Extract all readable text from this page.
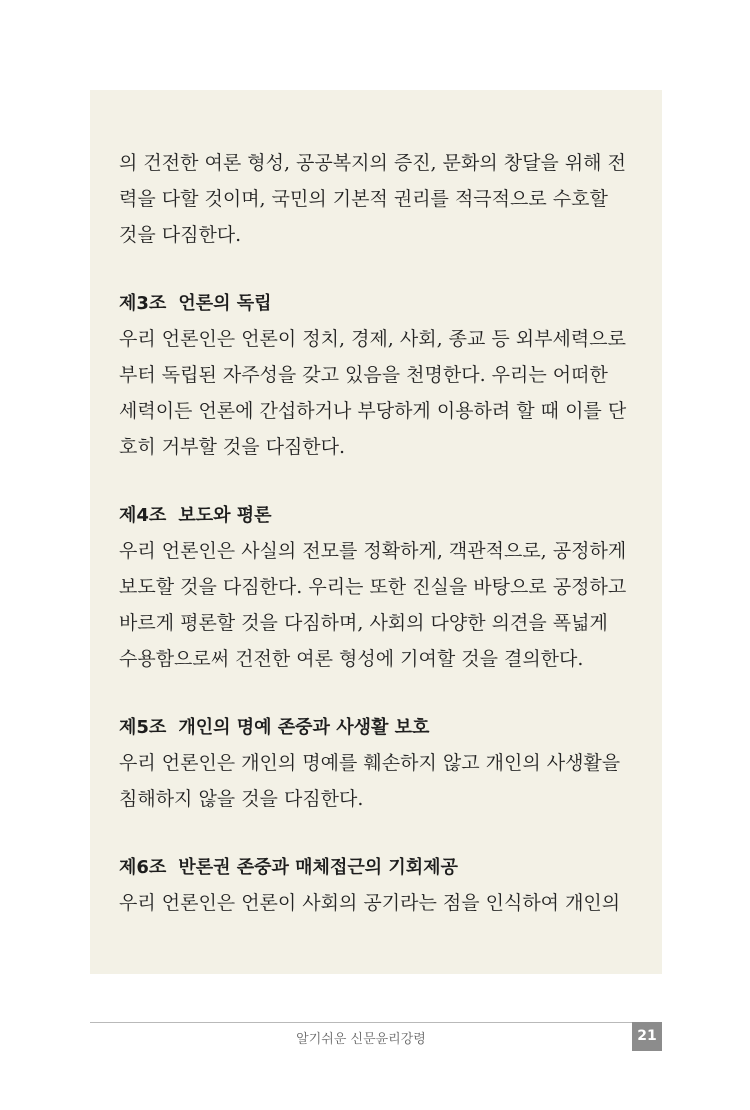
의 건전한 여론 형성, 공공복지의 증진, 문화의 창달을 위해 전
력을 다할 것이며, 국민의 기본적 권리를 적극적으로 수호할
것을 다짐한다.
제3조 언론의 독립
우리 언론인은 언론이 정치, 경제, 사회, 종교 등 외부세력으로
부터 독립된 자주성을 갖고 있음을 천명한다. 우리는 어떠한
세력이든 언론에 간섭하거나 부당하게 이용하려 할 때 이를 단
호히 거부할 것을 다짐한다.
제4조 보도와 평론
우리 언론인은 사실의 전모를 정확하게, 객관적으로, 공정하게
보도할 것을 다짐한다. 우리는 또한 진실을 바탕으로 공정하고
바르게 평론할 것을 다짐하며, 사회의 다양한 의견을 폭넓게
수용함으로써 건전한 여론 형성에 기여할 것을 결의한다.
제5조 개인의 명예 존중과 사생활 보호
우리 언론인은 개인의 명예를 훼손하지 않고 개인의 사생활을
침해하지 않을 것을 다짐한다.
제6조 반론권 존중과 매체접근의 기회제공
우리 언론인은 언론이 사회의 공기라는 점을 인식하여 개인의
알기쉬운 신문윤리강령	21
